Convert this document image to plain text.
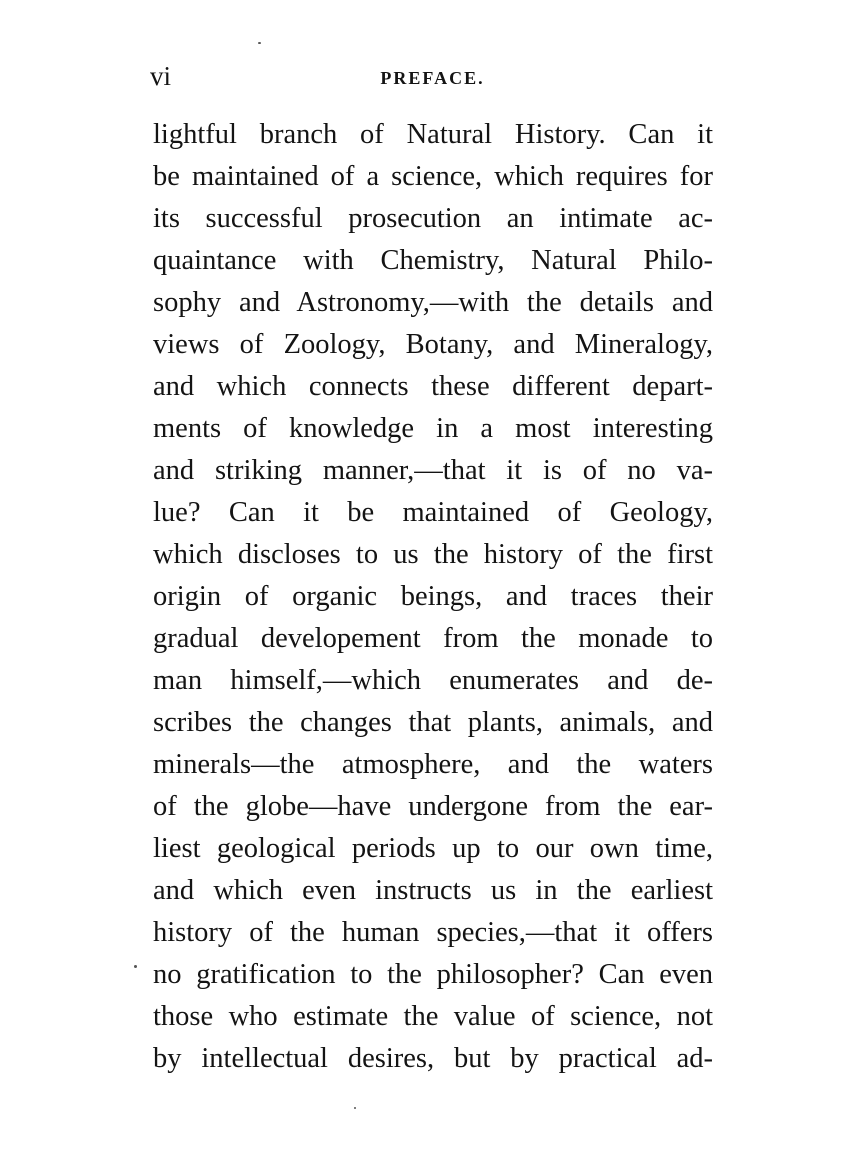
vi	PREFACE.
lightful branch of Natural History. Can it
be maintained of a science, which requires for
its successful prosecution an intimate ac-
quaintance with Chemistry, Natural Philo-
sophy and Astronomy,—with the details and
views of Zoology, Botany, and Mineralogy,
and which connects these different depart-
ments of knowledge in a most interesting
and striking manner,—that it is of no va-
lue? Can it be maintained of Geology,
which discloses to us the history of the first
origin of organic beings, and traces their
gradual developement from the monade to
man himself,—which enumerates and de-
scribes the changes that plants, animals, and
minerals—the atmosphere, and the waters
of the globe—have undergone from the ear-
liest geological periods up to our own time,
and which even instructs us in the earliest
history of the human species,—that it offers
no gratification to the philosopher? Can even
those who estimate the value of science, not
by intellectual desires, but by practical ad-
